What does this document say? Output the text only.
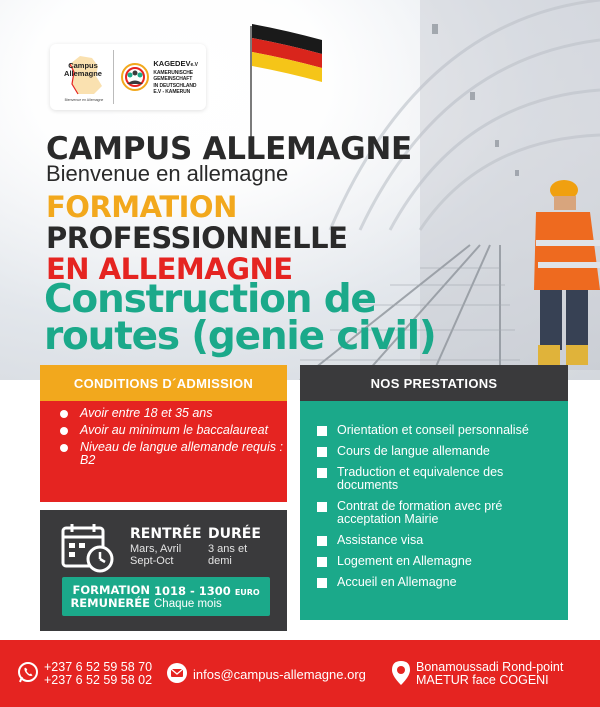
Campus Allemagne
Bienvenue en Allemagne
KAGEDEVe.V
KAMERUNISCHE
GEMEINSCHAFT
IN DEUTSCHLAND
E.V - KAMERUN
CAMPUS ALLEMAGNE
Bienvenue en allemagne
FORMATION
PROFESSIONNELLE
EN ALLEMAGNE
Construction de routes (genie civil)
CONDITIONS D´ADMISSION
Avoir entre 18 et 35 ans
Avoir au minimum le baccalaureat
Niveau de langue allemande requis : B2
RENTRÉE
Mars, Avril Sept-Oct
DURÉE
3 ans et demi
FORMATION REMUNERÉE
1018 - 1300 EURO
Chaque mois
NOS PRESTATIONS
Orientation et conseil personnalisé
Cours de langue allemande
Traduction et equivalence des documents
Contrat de formation avec pré acceptation Mairie
Assistance visa
Logement en Allemagne
Accueil en Allemagne
+237 6 52 59 58 70
+237 6 52 59 58 02	infos@campus-allemagne.org	Bonamoussadi Rond-point
MAETUR face COGENI
